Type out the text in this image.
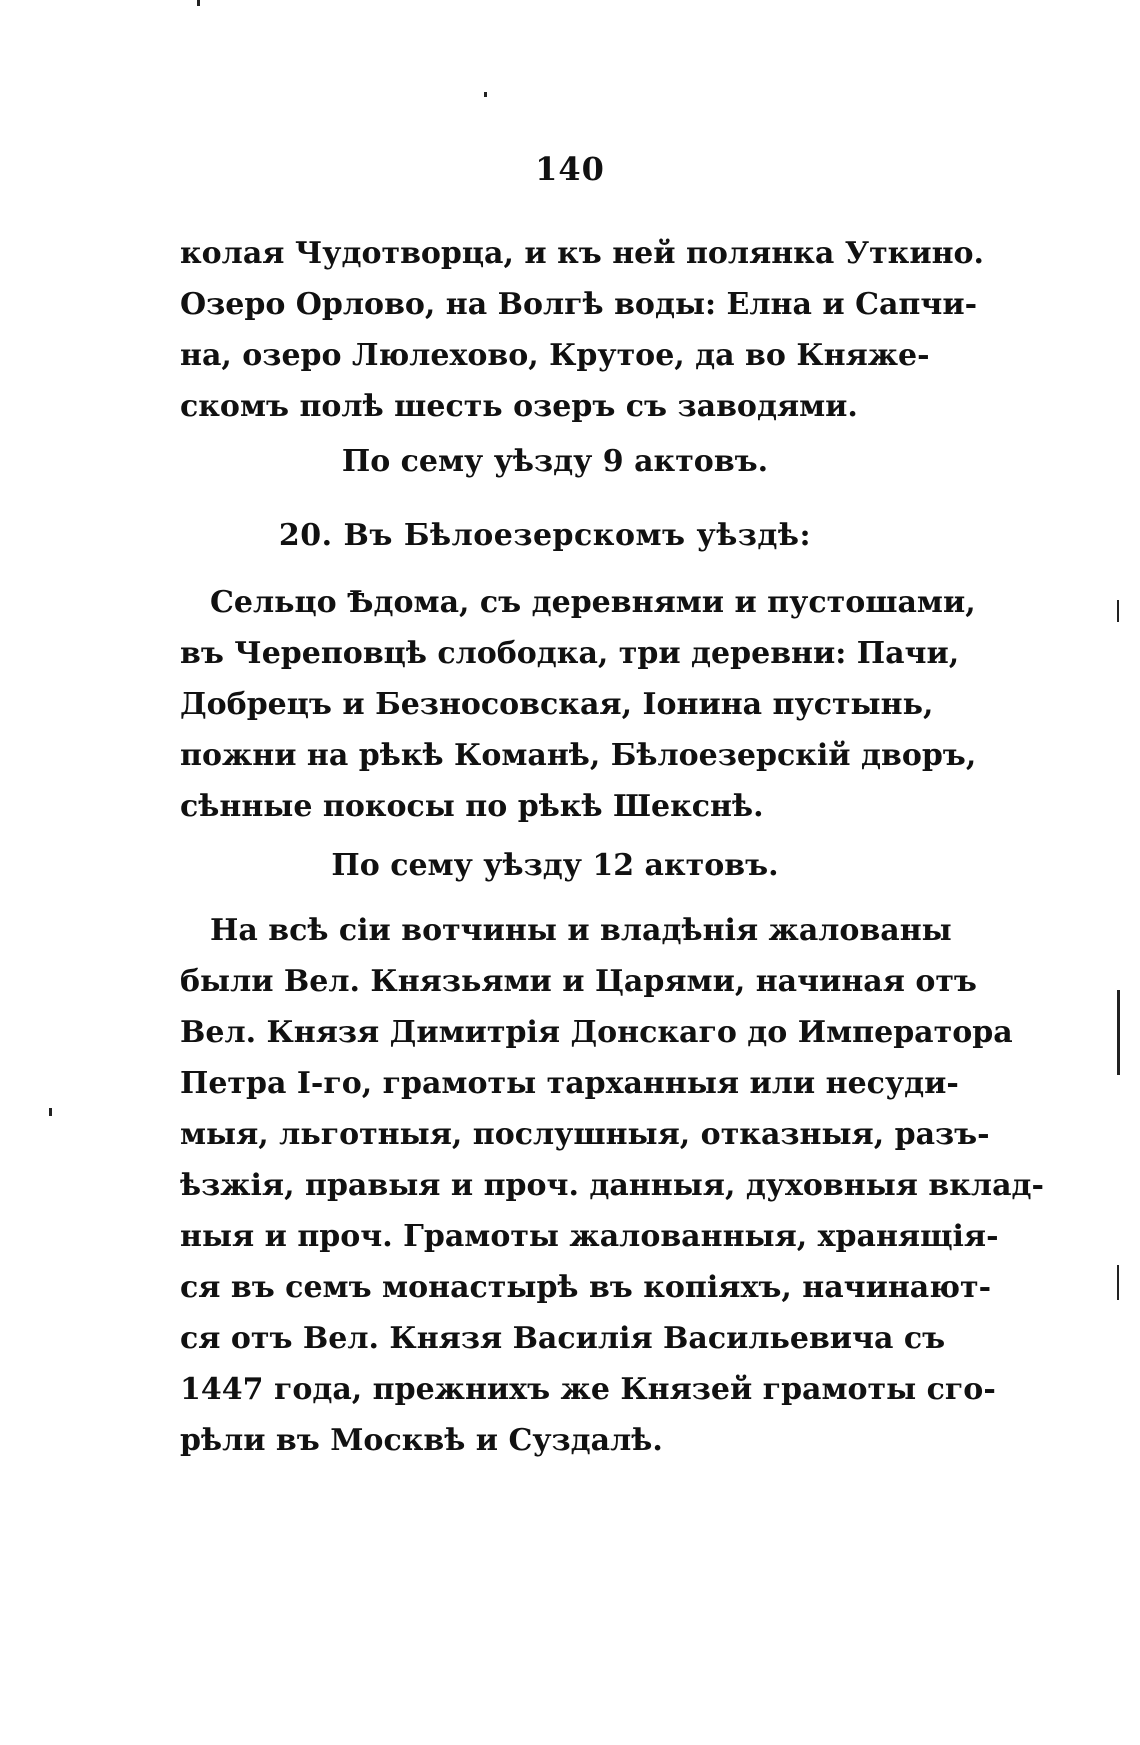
140
колая Чудотворца, и къ ней полянка Уткино.
Озеро Орлово, на Волгѣ воды: Елна и Сапчи-
на, озеро Люлехово, Крутое, да во Княже-
скомъ полѣ шесть озеръ съ заводями.
По сему уѣзду 9 актовъ.
20. Въ Бѣлоезерскомъ уѣздѣ:
Сельцо Ѣдома, съ деревнями и пустошами,
въ Череповцѣ слободка, три деревни: Пачи,
Добрецъ и Безносовская, Іонина пустынь,
пожни на рѣкѣ Команѣ, Бѣлоезерскій дворъ,
сѣнные покосы по рѣкѣ Шекснѣ.
По сему уѣзду 12 актовъ.
На всѣ сіи вотчины и владѣнія жалованы
были Вел. Князьями и Царями, начиная отъ
Вел. Князя Димитрія Донскаго до Императора
Петра I-го, грамоты тарханныя или несуди-
мыя, льготныя, послушныя, отказныя, разъ-
ѣзжія, правыя и проч. данныя, духовныя вклад-
ныя и проч. Грамоты жалованныя, хранящія-
ся въ семъ монастырѣ въ копіяхъ, начинают-
ся отъ Вел. Князя Василія Васильевича съ
1447 года, прежнихъ же Князей грамоты сго-
рѣли въ Москвѣ и Суздалѣ.
